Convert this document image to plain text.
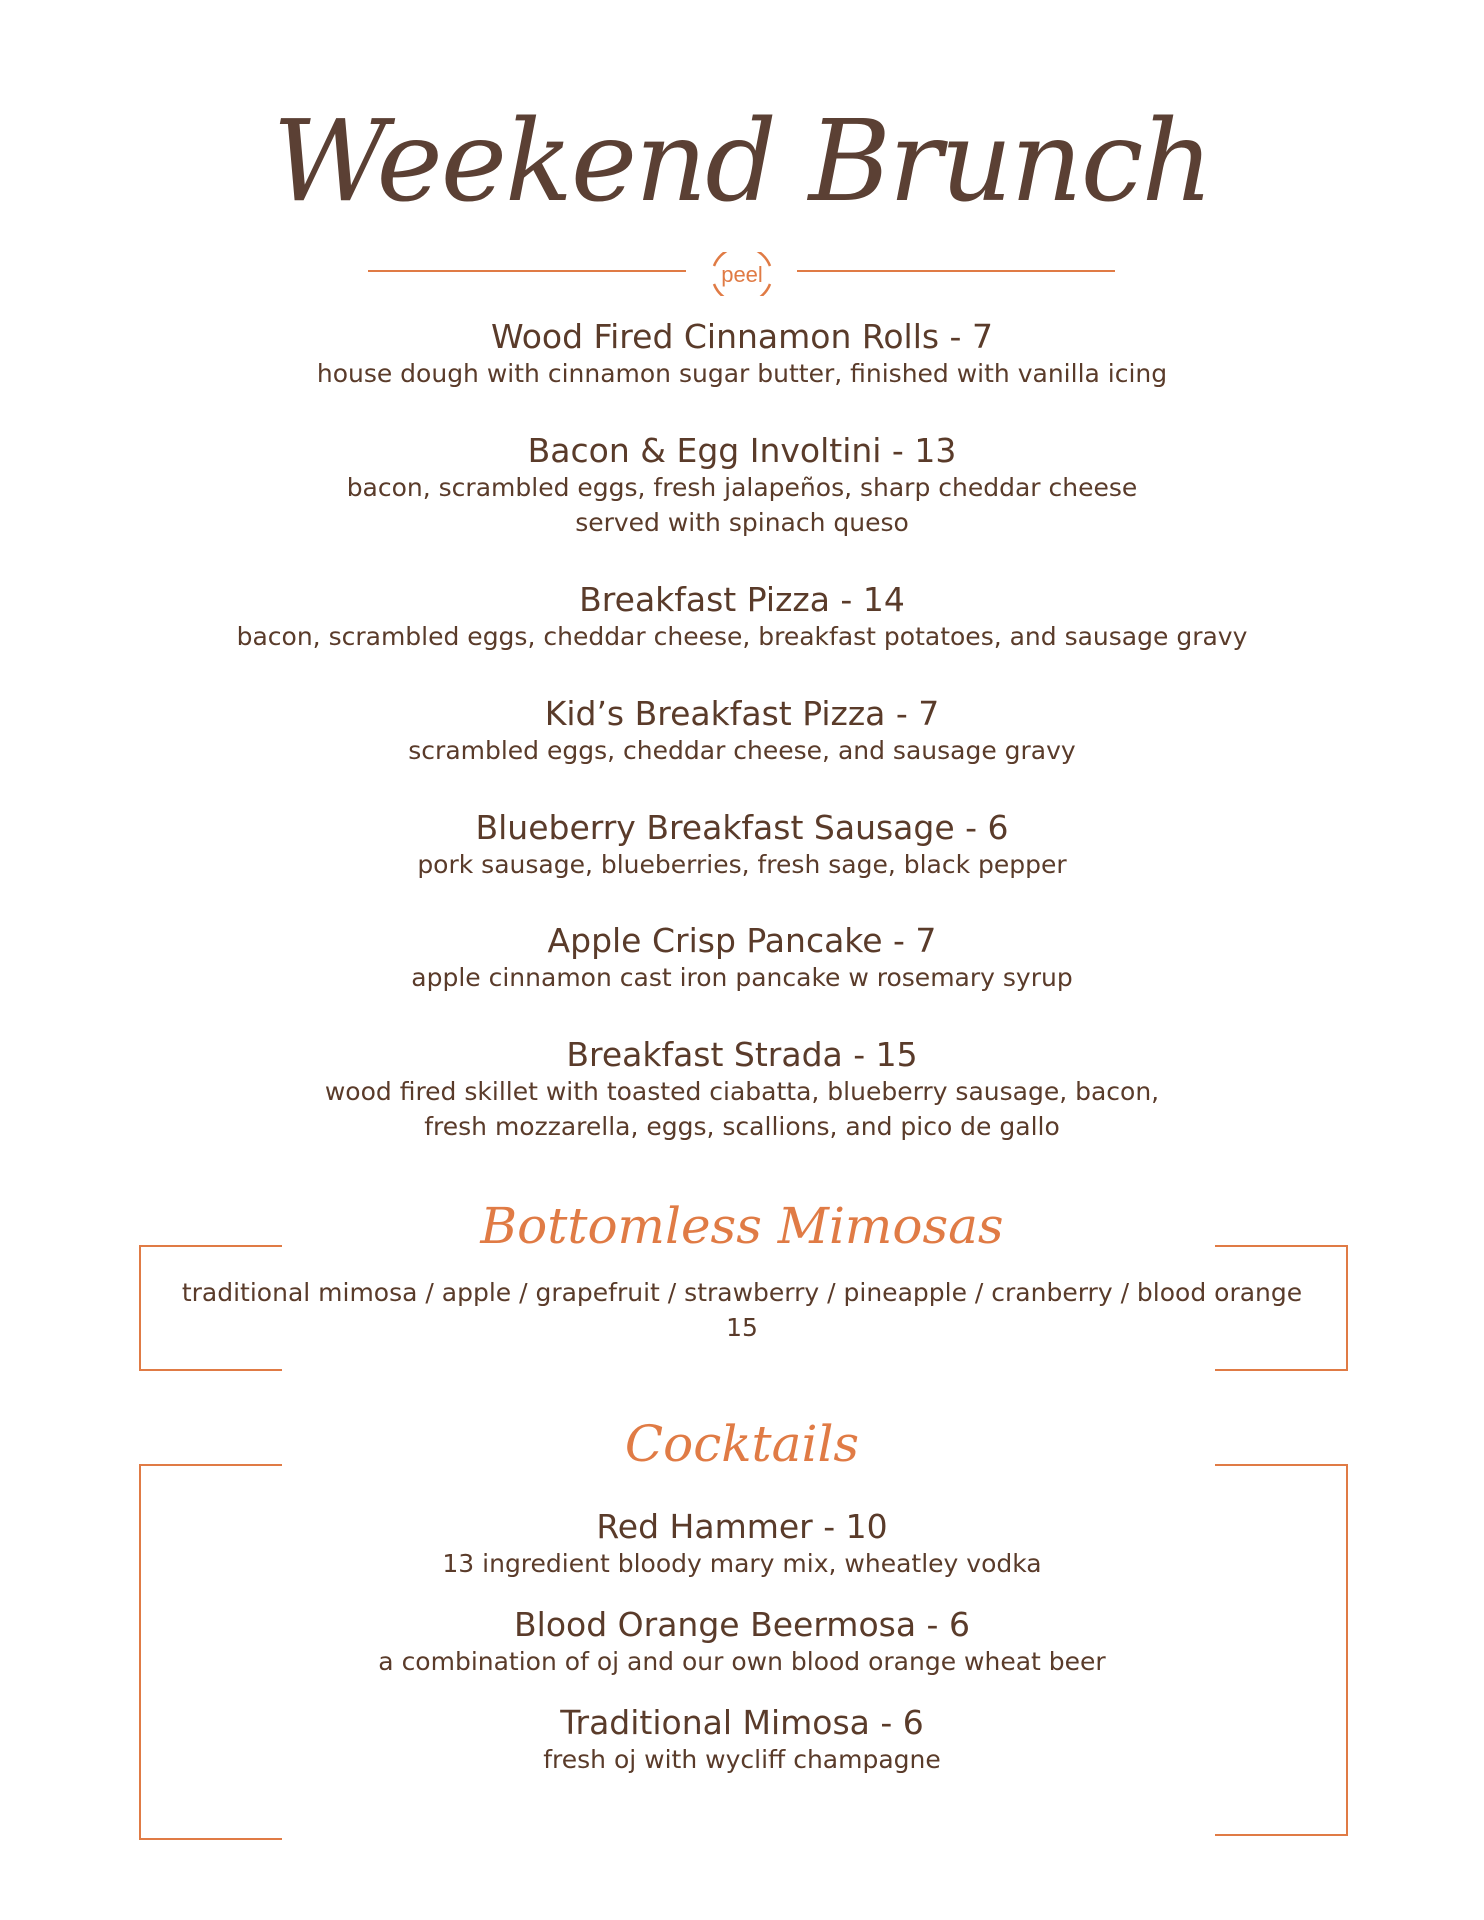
Weekend Brunch
peel
Wood Fired Cinnamon Rolls - 7
house dough with cinnamon sugar butter, finished with vanilla icing
Bacon & Egg Involtini - 13
bacon, scrambled eggs, fresh jalapeños, sharp cheddar cheese
served with spinach queso
Breakfast Pizza - 14
bacon, scrambled eggs, cheddar cheese, breakfast potatoes, and sausage gravy
Kid’s Breakfast Pizza - 7
scrambled eggs, cheddar cheese, and sausage gravy
Blueberry Breakfast Sausage - 6
pork sausage, blueberries, fresh sage, black pepper
Apple Crisp Pancake - 7
apple cinnamon cast iron pancake w rosemary syrup
Breakfast Strada - 15
wood fired skillet with toasted ciabatta, blueberry sausage, bacon,
fresh mozzarella, eggs, scallions, and pico de gallo
Bottomless Mimosas
traditional mimosa / apple / grapefruit / strawberry / pineapple / cranberry / blood orange
15
Cocktails
Red Hammer - 10
13 ingredient bloody mary mix, wheatley vodka
Blood Orange Beermosa - 6
a combination of oj and our own blood orange wheat beer
Traditional Mimosa - 6
fresh oj with wycliff champagne
